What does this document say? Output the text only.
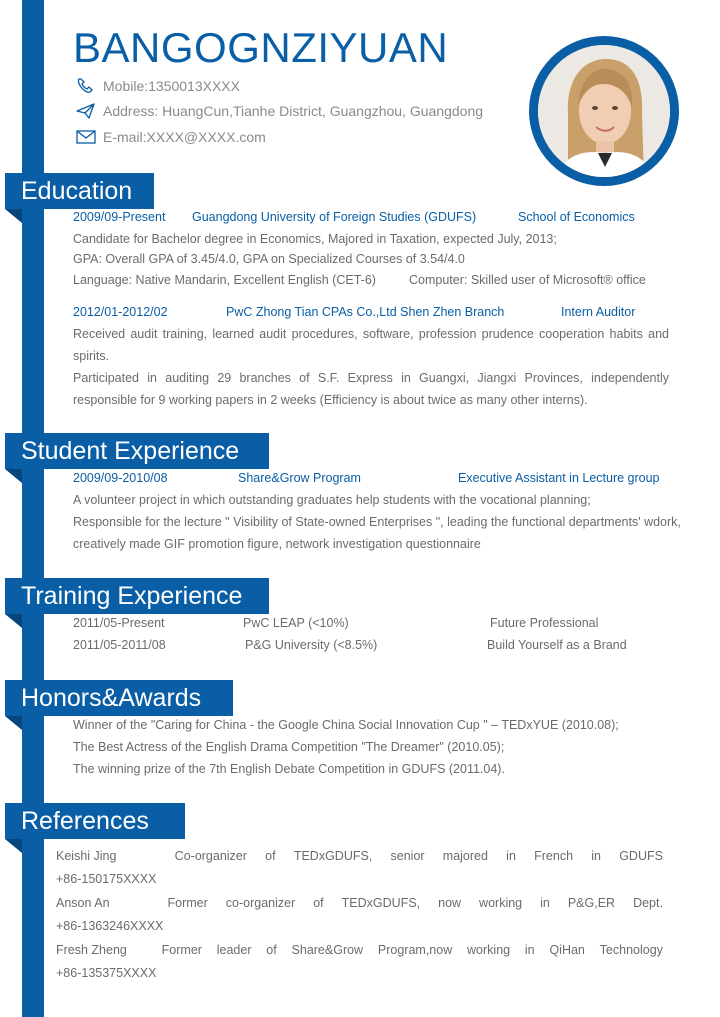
BANGOGNZIYUAN
Mobile:1350013XXXX
Address: HuangCun,Tianhe District, Guangzhou, Guangdong
E-mail:XXXX@XXXX.com
Education
2009/09-Present Guangdong University of Foreign Studies (GDUFS)	School of Economics
Candidate for Bachelor degree in Economics, Majored in Taxation, expected July, 2013;
GPA: Overall GPA of 3.45/4.0, GPA on Specialized Courses of 3.54/4.0
Language: Native Mandarin, Excellent English (CET-6)	Computer: Skilled user of Microsoft® office
2012/01-2012/02	PwC Zhong Tian CPAs Co.,Ltd Shen Zhen Branch	Intern Auditor
Received audit training, learned audit procedures, software, profession prudence cooperation habits and spirits.
Participated in auditing 29 branches of S.F. Express in Guangxi, Jiangxi Provinces, independently responsible for 9 working papers in 2 weeks (Efficiency is about twice as many other interns).
Student Experience
2009/09-2010/08	Share&Grow Program	Executive Assistant in Lecture group
A volunteer project in which outstanding graduates help students with the vocational planning;
Responsible for the lecture " Visibility of State-owned Enterprises ", leading the functional departments' wdork,
creatively made GIF promotion figure, network investigation questionnaire
Training Experience
2011/05-Present	PwC LEAP (<10%)	Future Professional
2011/05-2011/08	P&G University (<8.5%)	Build Yourself as a Brand
Honors&Awards
Winner of the "Caring for China - the Google China Social Innovation Cup " – TEDxYUE (2010.08);
The Best Actress of the English Drama Competition "The Dreamer" (2010.05);
The winning prize of the 7th English Debate Competition in GDUFS (2011.04).
References
Keishi Jing	Co-organizer of TEDxGDUFS, senior majored in French in GDUFS
+86-150175XXXX
Anson An	Former co-organizer of TEDxGDUFS, now working in P&G,ER Dept.
+86-1363246XXXX
Fresh Zheng	Former leader of Share&Grow Program,now working in QiHan Technology
+86-135375XXXX
